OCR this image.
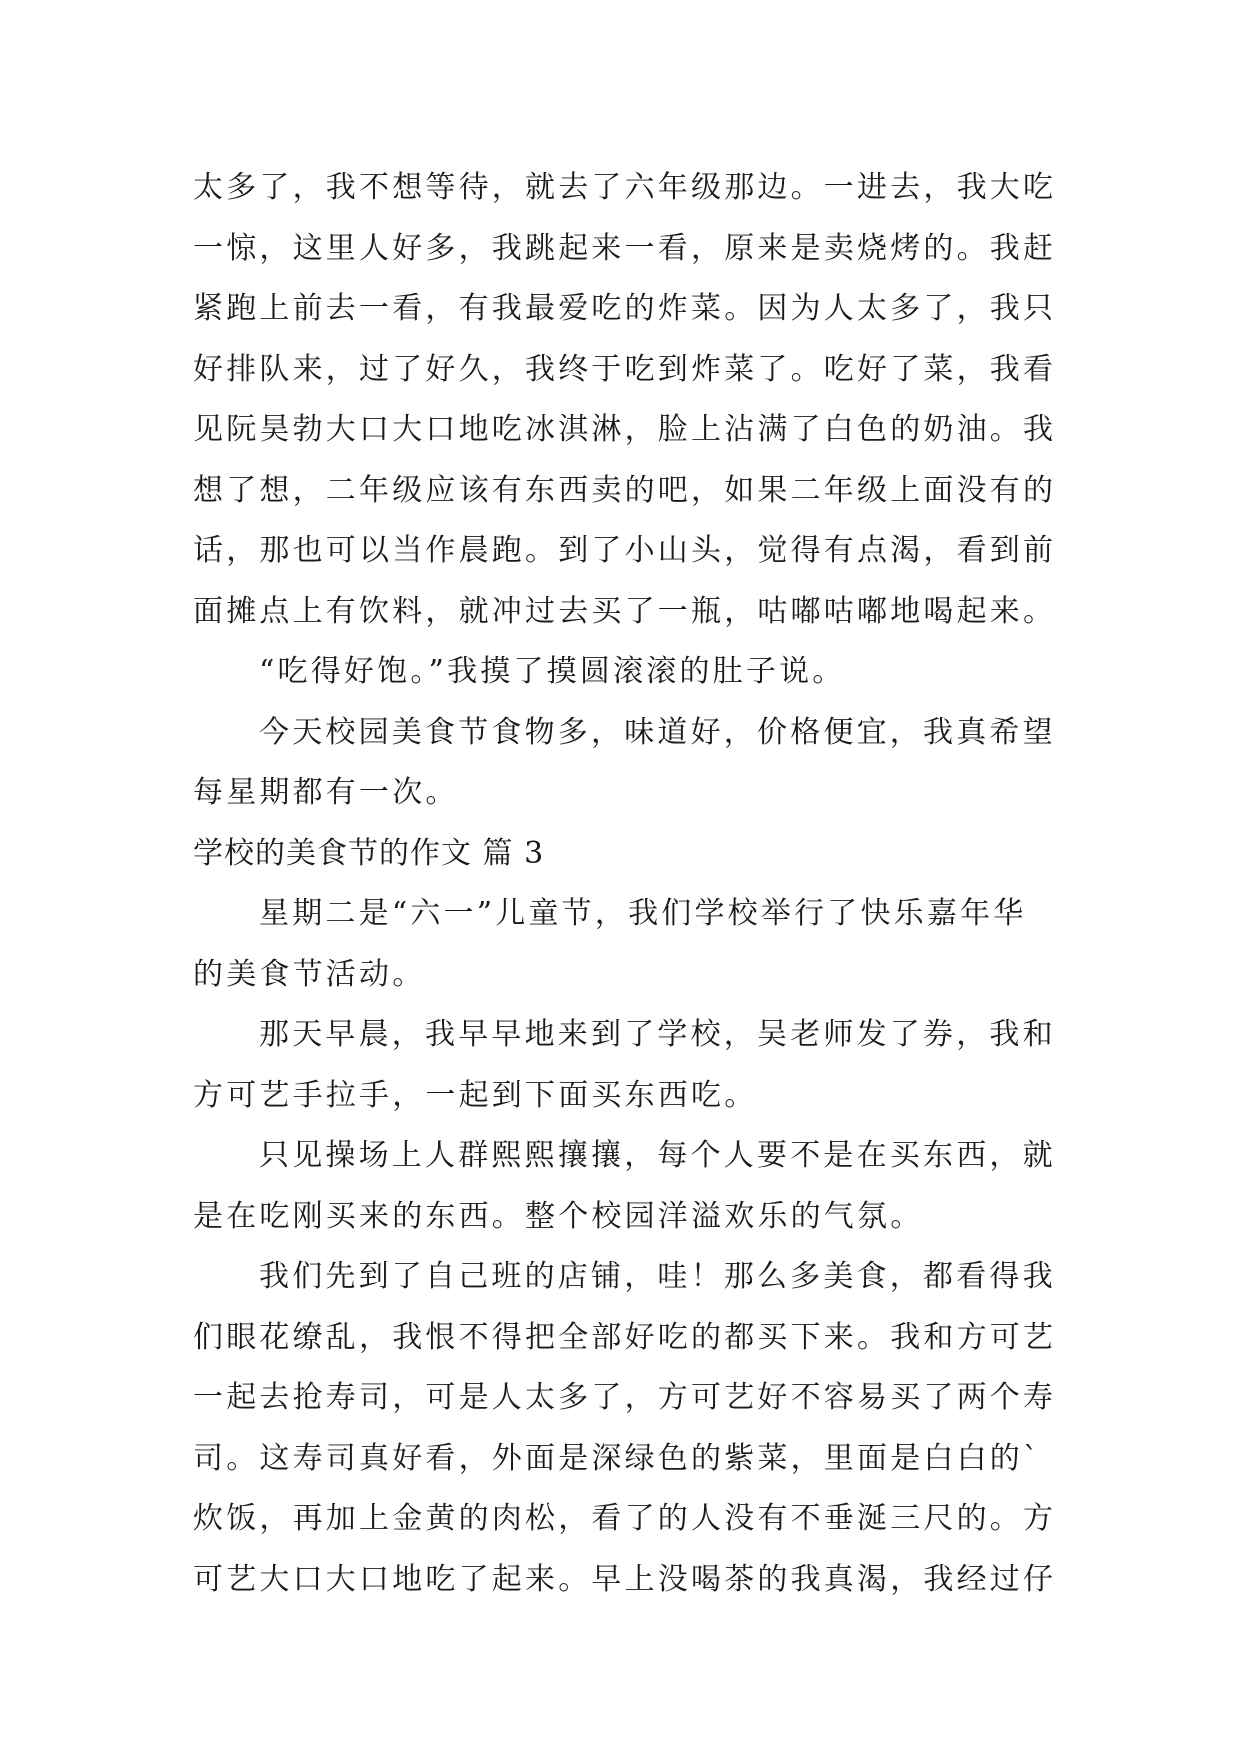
太多了，我不想等待，就去了六年级那边。一进去，我大吃
一惊，这里人好多，我跳起来一看，原来是卖烧烤的。我赶
紧跑上前去一看，有我最爱吃的炸菜。因为人太多了，我只
好排队来，过了好久，我终于吃到炸菜了。吃好了菜，我看
见阮昊勃大口大口地吃冰淇淋，脸上沾满了白色的奶油。我
想了想，二年级应该有东西卖的吧，如果二年级上面没有的
话，那也可以当作晨跑。到了小山头，觉得有点渴，看到前
面摊点上有饮料，就冲过去买了一瓶，咕嘟咕嘟地喝起来。
“吃得好饱。”我摸了摸圆滚滚的肚子说。
今天校园美食节食物多，味道好，价格便宜，我真希望
每星期都有一次。
学校的美食节的作文 篇 3
星期二是“六一”儿童节，我们学校举行了快乐嘉年华
的美食节活动。
那天早晨，我早早地来到了学校，吴老师发了券，我和
方可艺手拉手，一起到下面买东西吃。
只见操场上人群熙熙攘攘，每个人要不是在买东西，就
是在吃刚买来的东西。整个校园洋溢欢乐的气氛。
我们先到了自己班的店铺，哇！那么多美食，都看得我
们眼花缭乱，我恨不得把全部好吃的都买下来。我和方可艺
一起去抢寿司，可是人太多了，方可艺好不容易买了两个寿
司。这寿司真好看，外面是深绿色的紫菜，里面是白白的`
炊饭，再加上金黄的肉松，看了的人没有不垂涎三尺的。方
可艺大口大口地吃了起来。早上没喝茶的我真渴，我经过仔
